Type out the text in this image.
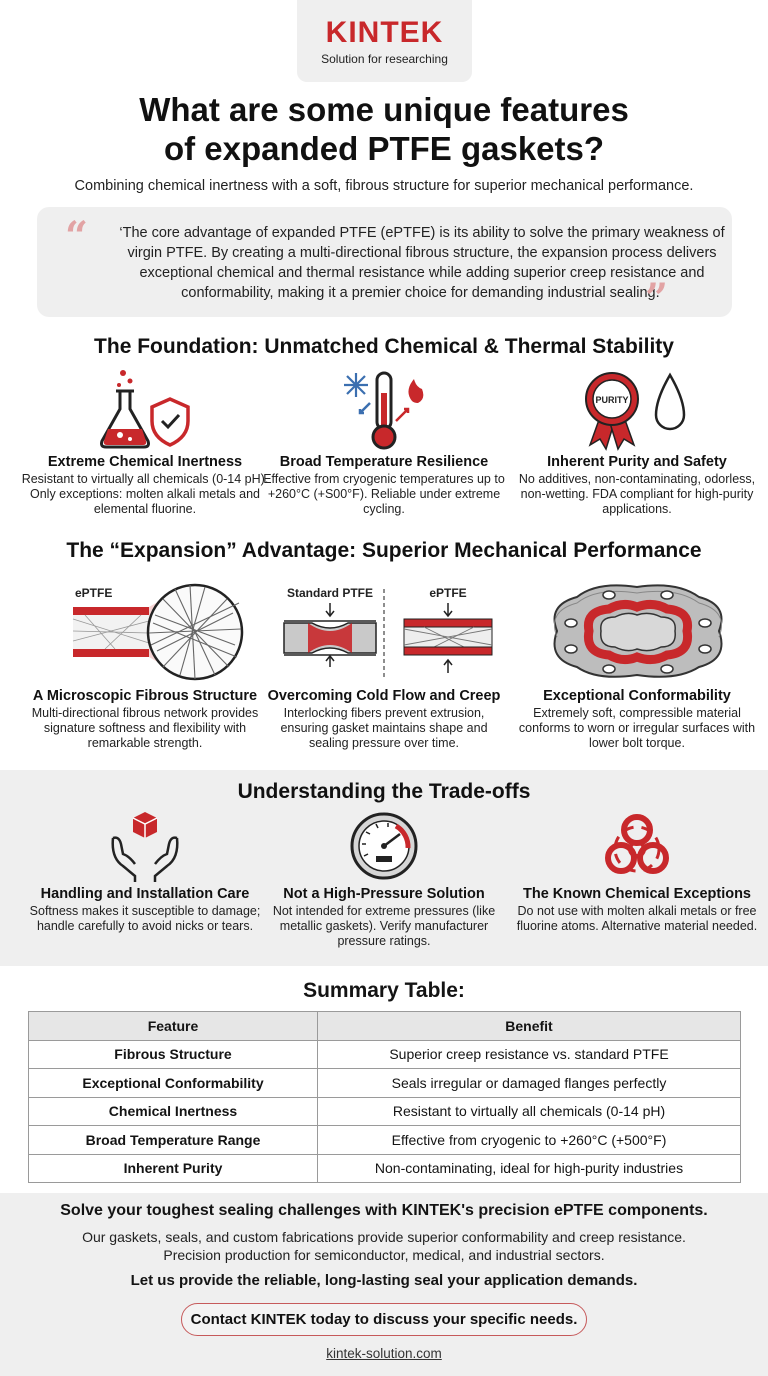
KINTEK
Solution for researching
What are some unique features
of expanded PTFE gaskets?
Combining chemical inertness with a soft, fibrous structure for superior mechanical performance.
“ ‘The core advantage of expanded PTFE (ePTFE) is its ability to solve the primary weakness of virgin PTFE. By creating a multi-directional fibrous structure, the expansion process delivers exceptional chemical and thermal resistance while adding superior creep resistance and conformability, making it a premier choice for demanding industrial sealing.’
”
The Foundation: Unmatched Chemical & Thermal Stability
Extreme Chemical Inertness
Resistant to virtually all chemicals (0-14 pH). Only exceptions: molten alkali metals and elemental fluorine.
Broad Temperature Resilience
Effective from cryogenic temperatures up to +260°C (+S00°F). Reliable under extreme cycling.
PURITY
Inherent Purity and Safety
No additives, non-contaminating, odorless, non-wetting. FDA compliant for high-purity applications.
The “Expansion” Advantage: Superior Mechanical Performance
ePTFE
A Microscopic Fibrous Structure
Multi-directional fibrous network provides signature softness and flexibility with remarkable strength.
Standard PTFE	ePTFE
Overcoming Cold Flow and Creep
Interlocking fibers prevent extrusion, ensuring gasket maintains shape and sealing pressure over time.
Exceptional Conformability
Extremely soft, compressible material conforms to worn or irregular surfaces with lower bolt torque.
Understanding the Trade-offs
Handling and Installation Care
Softness makes it susceptible to damage; handle carefully to avoid nicks or tears.
Not a High-Pressure Solution
Not intended for extreme pressures (like metallic gaskets). Verify manufacturer pressure ratings.
The Known Chemical Exceptions
Do not use with molten alkali metals or free fluorine atoms. Alternative material needed.
Summary Table:
Feature	Benefit
Fibrous Structure	Superior creep resistance vs. standard PTFE
Exceptional Conformability	Seals irregular or damaged flanges perfectly
Chemical Inertness	Resistant to virtually all chemicals (0-14 pH)
Broad Temperature Range	Effective from cryogenic to +260°C (+500°F)
Inherent Purity	Non-contaminating, ideal for high-purity industries
Solve your toughest sealing challenges with KINTEK's precision ePTFE components.
Our gaskets, seals, and custom fabrications provide superior conformability and creep resistance.
Precision production for semiconductor, medical, and industrial sectors.
Let us provide the reliable, long-lasting seal your application demands.
Contact KINTEK today to discuss your specific needs.
kintek-solution.com
